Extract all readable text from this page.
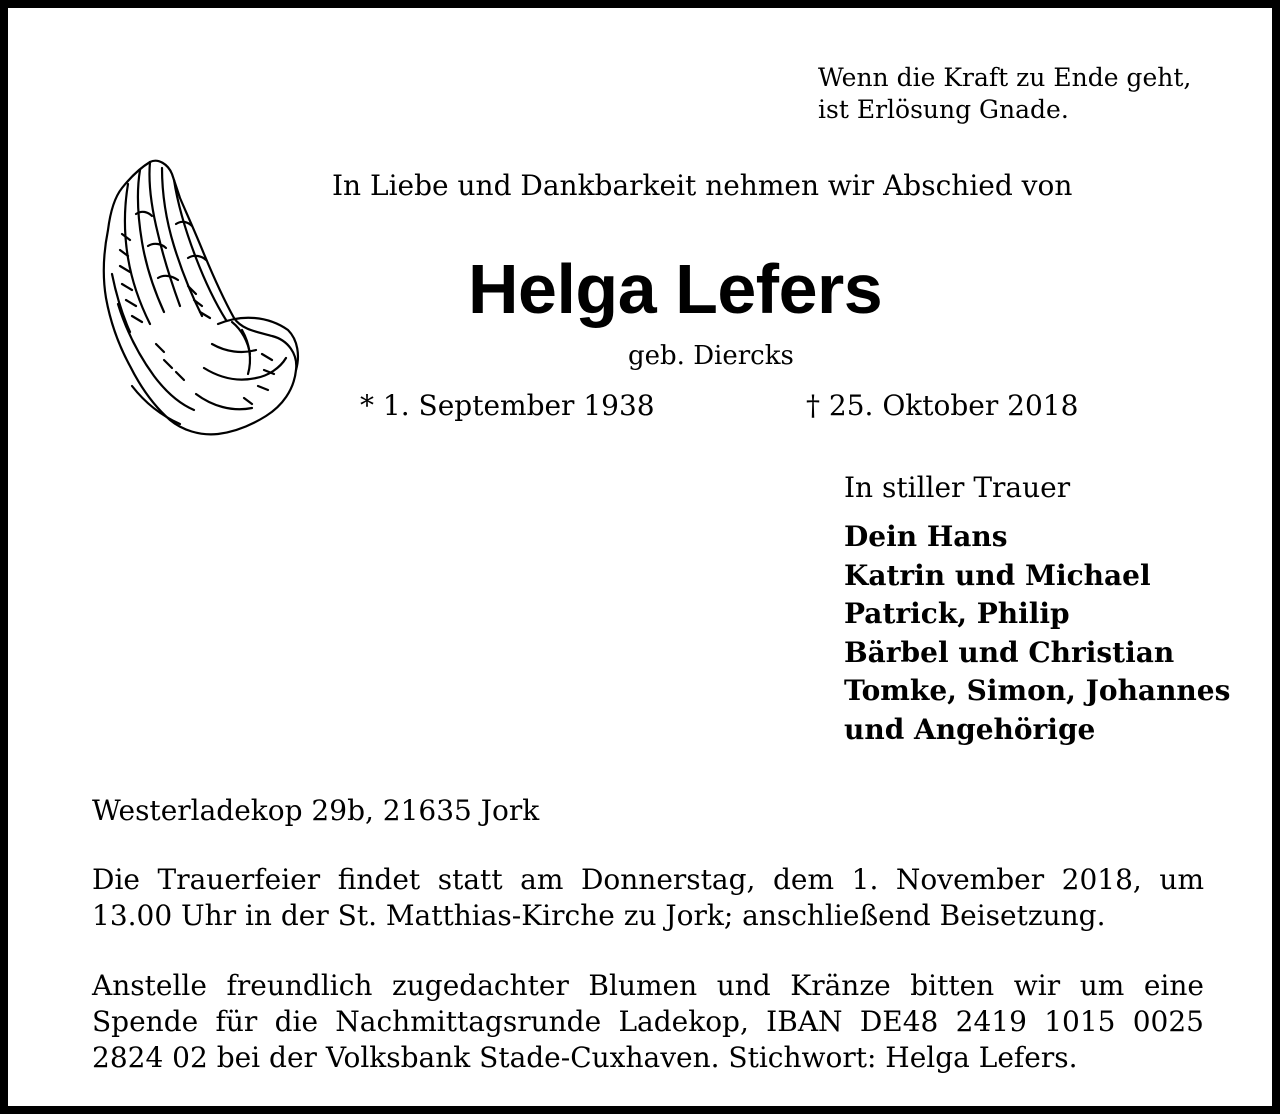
Wenn die Kraft zu Ende geht,
ist Erlösung Gnade.
In Liebe und Dankbarkeit nehmen wir Abschied von
Helga Lefers
geb. Diercks
* 1. September 1938	† 25. Oktober 2018
In stiller Trauer
Dein Hans
Katrin und Michael
Patrick, Philip
Bärbel und Christian
Tomke, Simon, Johannes
und Angehörige
Westerladekop 29b, 21635 Jork
Die Trauerfeier findet statt am Donnerstag, dem 1. November 2018, um 13.00 Uhr in der St. Matthias-Kirche zu Jork; anschließend Beisetzung.
Anstelle freundlich zugedachter Blumen und Kränze bitten wir um eine Spende für die Nachmittagsrunde Ladekop, IBAN DE48 2419 1015 0025 2824 02 bei der Volksbank Stade-Cuxhaven. Stichwort: Helga Lefers.
